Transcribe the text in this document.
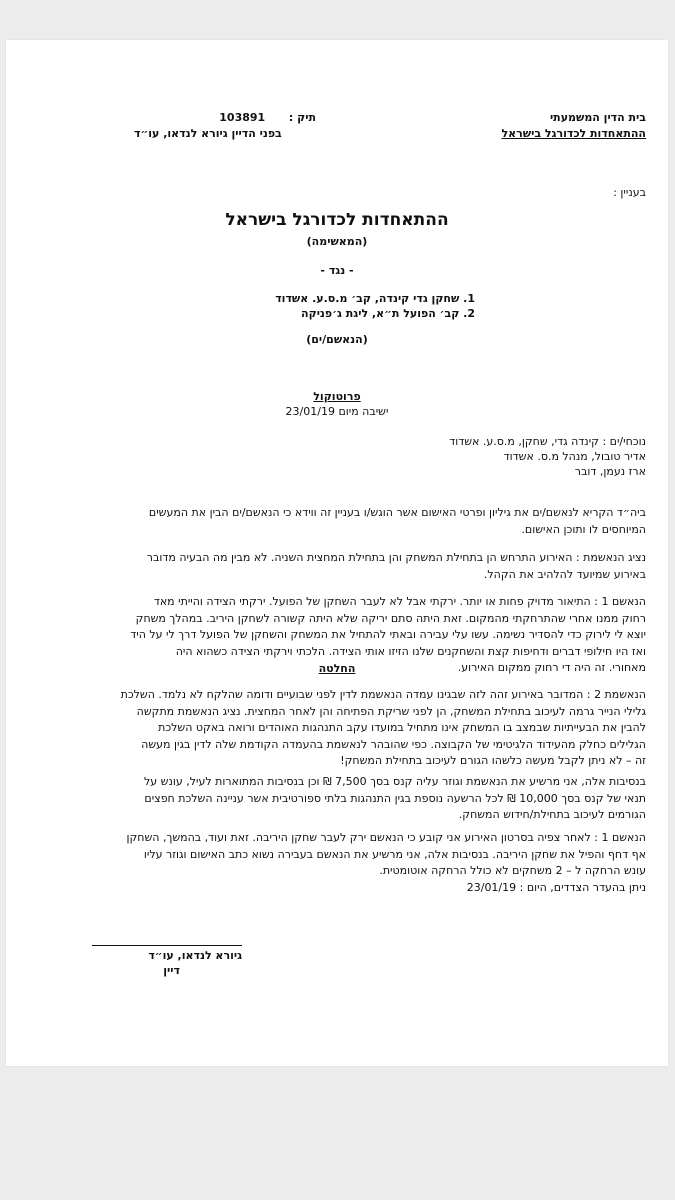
בית הדין המשמעתי
ההתאחדות לכדורגל בישראל
תיק :  103891
בפני הדיין גיורא לנדאו, עו״ד
בעניין :
ההתאחדות לכדורגל בישראל
(המאשימה)
- נגד -
1. שחקן גדי קינדה, קב׳ מ.ס.ע. אשדוד
2. קב׳ הפועל ת״א, ליגת ג׳פניקה
(הנאשם/ים)
פרוטוקול
ישיבה מיום 23/01/19
נוכחי/ים : קינדה גדי, שחקן, מ.ס.ע. אשדוד
אדיר טובול, מנהל מ.ס. אשדוד
ארז נעמן, דובר
ביה״ד הקריא לנאשם/ים את גיליון ופרטי האישום אשר הוגש/ו בעניין זה ווידא כי הנאשם/ים הבין את המעשים
המיוחסים לו ותוכן האישום.
נציג הנאשמת : האירוע התרחש הן בתחילת המשחק והן בתחילת המחצית השניה. לא מבין מה הבעיה מדובר
באירוע שמיועד להלהיב את הקהל.
הנאשם 1 : התיאור מדויק פחות או יותר. ירקתי אבל לא לעבר השחקן של הפועל. ירקתי הצידה והייתי מאד
רחוק ממנו אחרי שהתרחקתי מהמקום. זאת היתה סתם יריקה שלא היתה קשורה לשחקן היריב. במהלך משחק
יוצא לי לירוק כדי להסדיר נשימה. עשו עלי עבירה ובאתי להתחיל את המשחק והשחקן של הפועל דרך לי על היד
ואז היו חילופי דברים ודחיפות קצת והשחקנים שלנו הזיזו אותי הצידה. הלכתי וירקתי הצידה כשהוא היה
מאחורי. זה היה די רחוק ממקום האירוע.
החלטה
הנאשמת 2 : המדובר באירוע זהה לזה שבגינו עמדה הנאשמת לדין לפני שבועיים ודומה שהלקח לא נלמד. השלכת
גלילי הנייר גרמה לעיכוב בתחילת המשחק, הן לפני שריקת הפתיחה והן לאחר המחצית. נציג הנאשמת מתקשה
להבין את הבעייתיות שבמצב בו המשחק אינו מתחיל במועדו עקב התנהגות האוהדים ורואה באקט השלכת
הגלילים כחלק מהעידוד הלגיטימי של הקבוצה. כפי שהובהר לנאשמת בהעמדה הקודמת שלה לדין בגין מעשה
זה – לא ניתן לקבל מעשה כלשהו הגורם לעיכוב בתחילת המשחק!
בנסיבות אלה, אני מרשיע את הנאשמת וגוזר עליה קנס בסך 7,500 ₪ וכן בנסיבות המתוארות לעיל, עונש על
תנאי של קנס בסך 10,000 ₪ לכל הרשעה נוספת בגין התנהגות בלתי ספורטיבית אשר עניינה השלכת חפצים
הגורמים לעיכוב בתחילת/חידוש המשחק.
הנאשם 1 : לאחר צפיה בסרטון האירוע אני קובע כי הנאשם ירק לעבר שחקן היריבה. זאת ועוד, בהמשך, השחקן
אף דחף והפיל את שחקן היריבה. בנסיבות אלה, אני מרשיע את הנאשם בעבירה נשוא כתב האישום וגוזר עליו
עונש הרחקה ל – 2 משחקים לא כולל הרחקה אוטומטית.
ניתן בהעדר הצדדים, היום : 23/01/19
גיורא לנדאו, עו״ד
דיין
